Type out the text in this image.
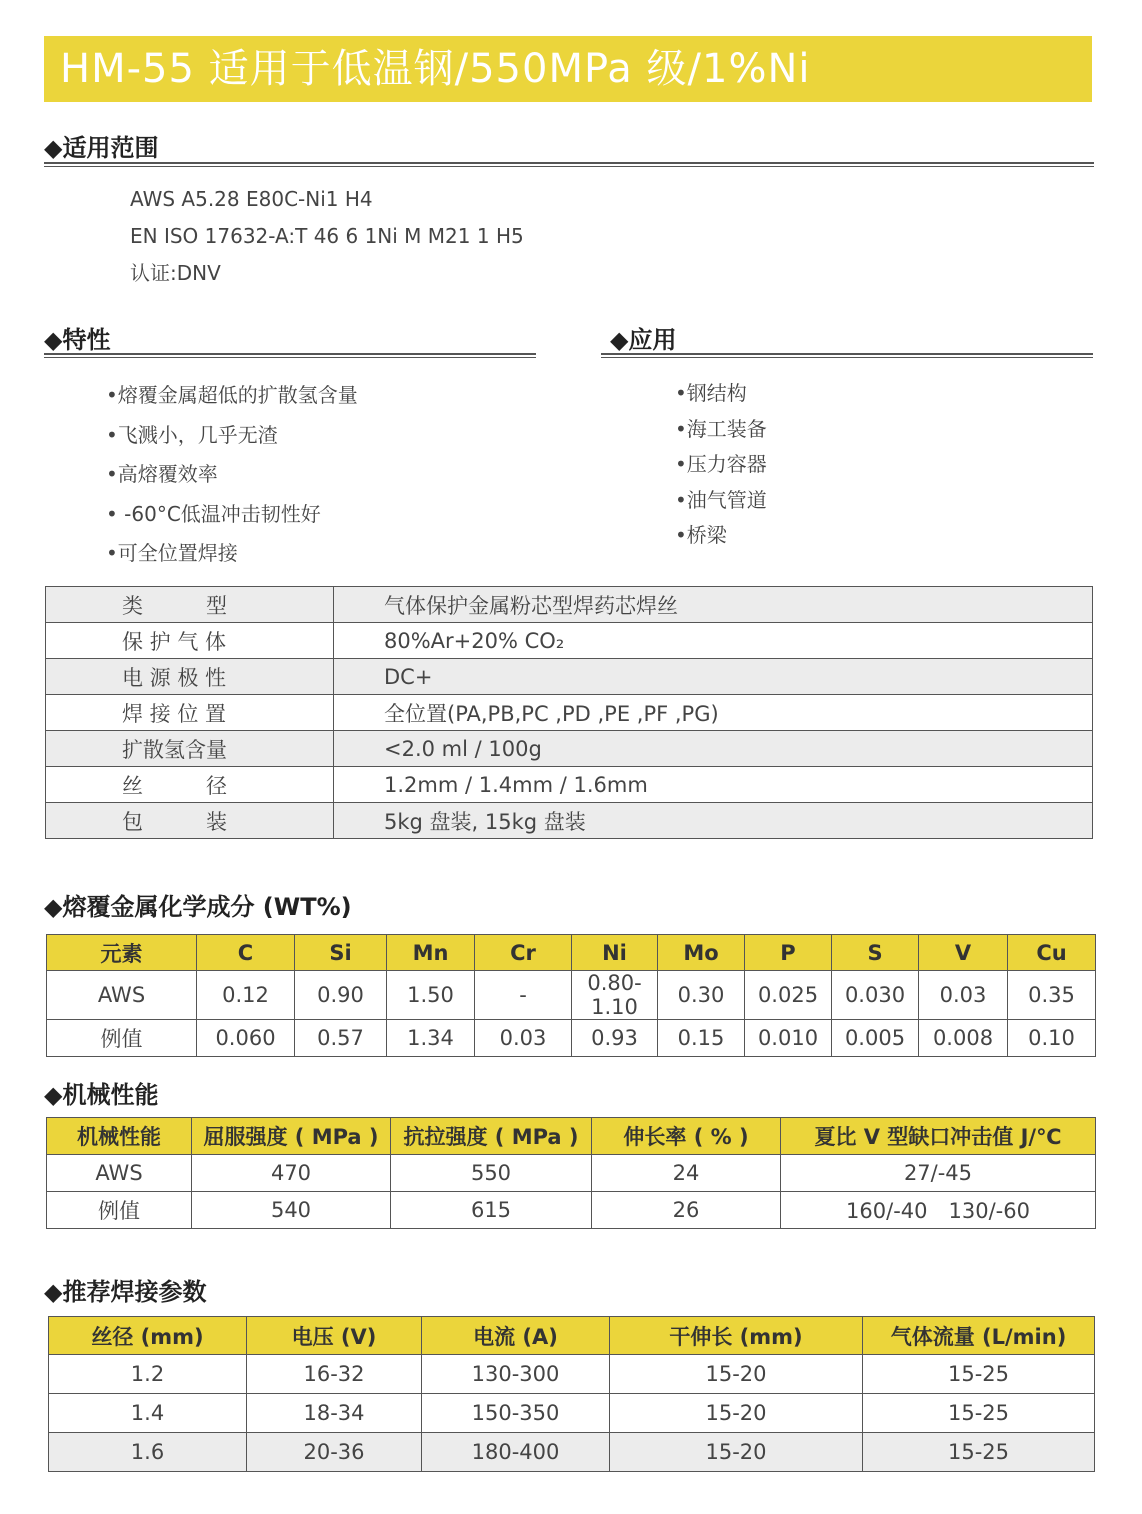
HM-55 适用于低温钢/550MPa 级/1%Ni
◆适用范围
AWS A5.28 E80C-Ni1 H4
EN ISO 17632-A:T 46 6 1Ni M M21 1 H5
认证:DNV
◆特性
•熔覆金属超低的扩散氢含量
•飞溅小，几乎无渣
•高熔覆效率
• -60°C低温冲击韧性好
•可全位置焊接
◆应用
•钢结构
•海工装备
•压力容器
•油气管道
•桥梁
类　　　型	气体保护金属粉芯型焊药芯焊丝
保 护 气 体	80%Ar+20% CO₂
电 源 极 性	DC+
焊 接 位 置	全位置(PA,PB,PC ,PD ,PE ,PF ,PG)
扩散氢含量	<2.0 ml / 100g
丝　　　径	1.2mm / 1.4mm / 1.6mm
包　　　装	5kg 盘装, 15kg 盘装
◆熔覆金属化学成分 (WT%)
元素	C	Si	Mn	Cr	Ni	Mo	P	S	V	Cu
AWS	0.12	0.90	1.50	-	0.80-1.10	0.30	0.025	0.030	0.03	0.35
例值	0.060	0.57	1.34	0.03	0.93	0.15	0.010	0.005	0.008	0.10
◆机械性能
机械性能	屈服强度 ( MPa )	抗拉强度 ( MPa )	伸长率 ( % )	夏比 V 型缺口冲击值 J/℃
AWS	470	550	24	27/-45
例值	540	615	26	160/-40　130/-60
◆推荐焊接参数
丝径 (mm)	电压 (V)	电流 (A)	干伸长 (mm)	气体流量 (L/min)
1.2	16-32	130-300	15-20	15-25
1.4	18-34	150-350	15-20	15-25
1.6	20-36	180-400	15-20	15-25
